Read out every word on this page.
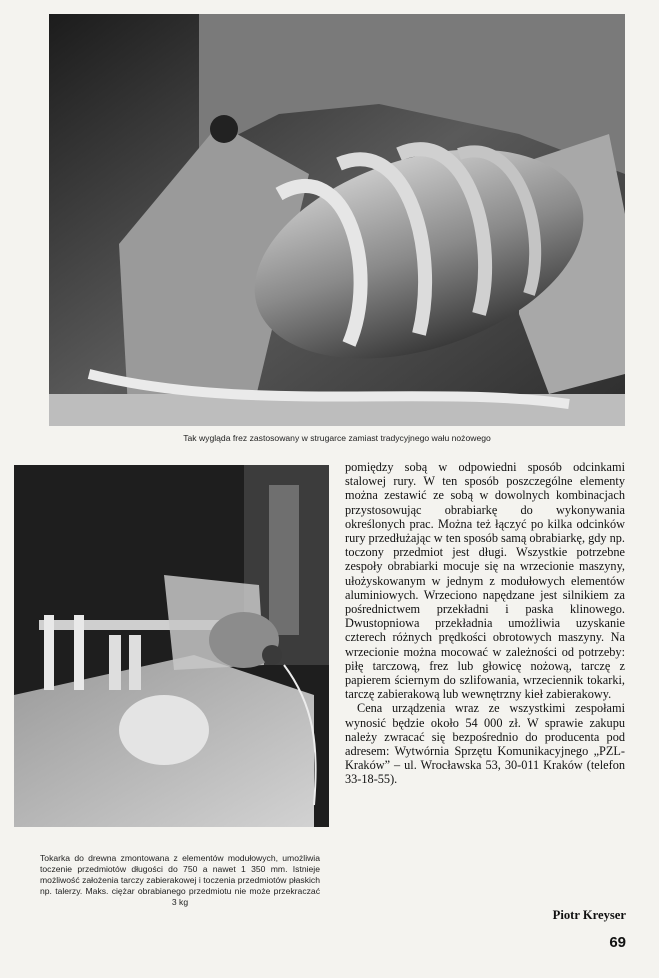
Tak wygląda frez zastosowany w strugarce zamiast tradycyjnego wału nożowego
Tokarka do drewna zmontowana z elementów modułowych, umożliwia toczenie przedmiotów długości do 750 a nawet 1 350 mm. Istnieje możliwość założenia tarczy zabierakowej i toczenia przedmiotów płaskich np. talerzy. Maks. ciężar obrabianego przedmiotu nie może przekraczać 3 kg

pomiędzy sobą w odpowiedni sposób odcinkami stalowej rury. W ten sposób poszczególne elementy można zestawić ze sobą w dowolnych kombinacjach przystosowując obrabiarkę do wykonywania określonych prac. Można też łączyć po kilka odcinków rury przedłużając w ten sposób samą obrabiarkę, gdy np. toczony przedmiot jest długi. Wszystkie potrzebne zespoły obrabiarki mocuje się na wrzecionie maszyny, ułożyskowanym w jednym z modułowych elementów aluminiowych. Wrzeciono napędzane jest silnikiem za pośrednictwem przekładni i paska klinowego. Dwustopniowa przekładnia umożliwia uzyskanie czterech różnych prędkości obrotowych maszyny. Na wrzecionie można mocować w zależności od potrzeby: piłę tarczową, frez lub głowicę nożową, tarczę z papierem ściernym do szlifowania, wrzeciennik tokarki, tarczę zabierakową lub wewnętrzny kieł zabierakowy.

Cena urządzenia wraz ze wszystkimi zespołami wynosić będzie około 54 000 zł. W sprawie zakupu należy zwracać się bezpośrednio do producenta pod adresem: Wytwórnia Sprzętu Komunikacyjnego „PZL-Kraków” – ul. Wrocławska 53, 30-011 Kraków (telefon 33-18-55).

Piotr Kreyser
69
